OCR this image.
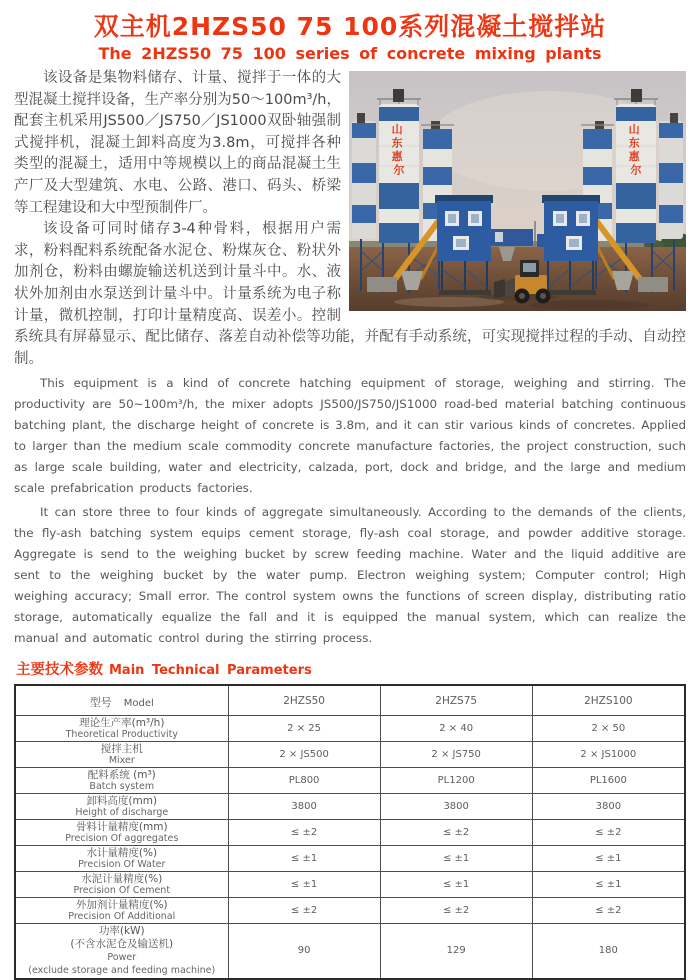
双主机2HZS50 75 100系列混凝土搅拌站
The 2HZS50 75 100 series of concrete mixing plants
山 东 惠 尔
山 东 惠 尔

该设备是集物料储存、计量、搅拌于一体的大型混凝土搅拌设备，生产率分别为50～100m³/h，配套主机采用JS500／JS750／JS1000双卧轴强制式搅拌机，混凝土卸料高度为3.8m，可搅拌各种类型的混凝土，适用中等规模以上的商品混凝土生产厂及大型建筑、水电、公路、港口、码头、桥梁等工程建设和大中型预制件厂。

该设备可同时储存3-4种骨料，根据用户需求，粉料配料系统配备水泥仓、粉煤灰仓、粉状外加剂仓，粉料由螺旋输送机送到计量斗中。水、液状外加剂由水泵送到计量斗中。计量系统为电子称计量，微机控制，打印计量精度高、误差小。控制系统具有屏幕显示、配比储存、落差自动补偿等功能，并配有手动系统，可实现搅拌过程的手动、自动控制。

This equipment is a kind of concrete hatching equipment of storage, weighing and stirring. The productivity are 50~100m³/h, the mixer adopts JS500/JS750/JS1000 road-bed material batching continuous batching plant, the discharge height of concrete is 3.8m, and it can stir various kinds of concretes. Applied to larger than the medium scale commodity concrete manufacture factories, the project construction, such as large scale building, water and electricity, calzada, port, dock and bridge, and the large and medium scale prefabrication products factories.

It can store three to four kinds of aggregate simultaneously. According to the demands of the clients, the fly-ash batching system equips cement storage, fly-ash coal storage, and powder additive storage. Aggregate is send to the weighing bucket by screw feeding machine. Water and the liquid additive are sent to the weighing bucket by the water pump. Electron weighing system; Computer control; High weighing accuracy; Small error. The control system owns the functions of screen display, distributing ratio storage, automatically equalize the fall and it is equipped the manual system, which can realize the manual and automatic control during the stirring process.

主要技术参数 Main Technical Parameters
型号 Model	2HZS50	2HZS75	2HZS100

理论生产率(m³/h)
Theoretical Productivity	2 × 25	2 × 40	2 × 50

搅拌主机
Mixer	2 × JS500	2 × JS750	2 × JS1000

配料系统 (m³)
Batch system	PL800	PL1200	PL1600

卸料高度(mm)
Height of discharge	3800	3800	3800

骨料计量精度(mm)
Precision Of aggregates	≤ ±2	≤ ±2	≤ ±2

水计量精度(%)
Precision Of Water	≤ ±1	≤ ±1	≤ ±1

水泥计量精度(%)
Precision Of Cement	≤ ±1	≤ ±1	≤ ±1

外加剂计量精度(%)
Precision Of Additional	≤ ±2	≤ ±2	≤ ±2

功率(kW)
(不含水泥仓及输送机)
Power
(exclude storage and feeding machine)	90	129	180
